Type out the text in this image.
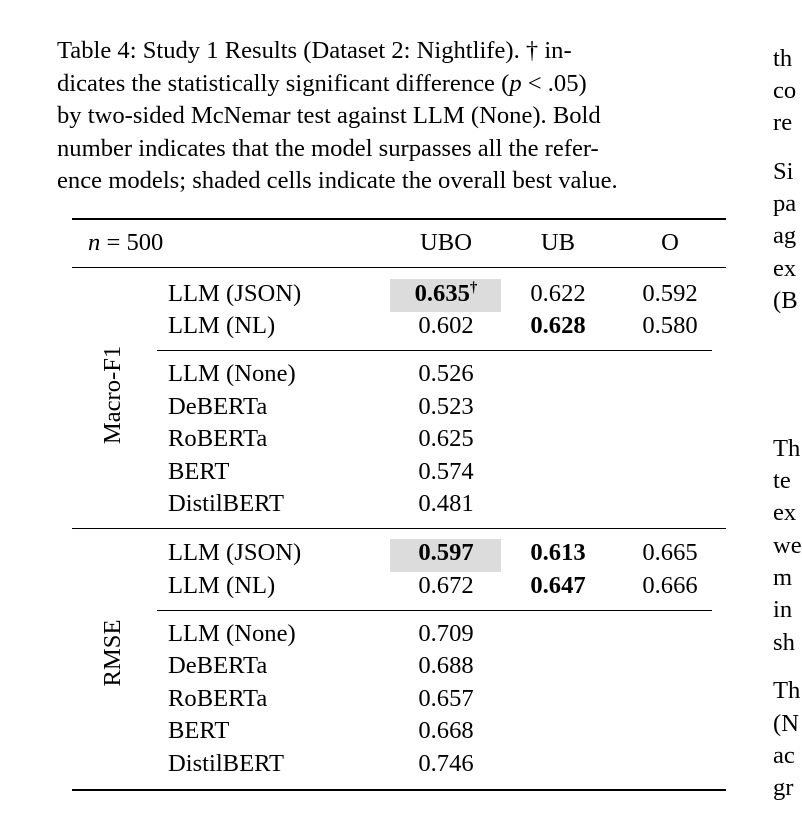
Table 4: Study 1 Results (Dataset 2: Nightlife). † in-
dicates the statistically significant difference (p < .05)
by two-sided McNemar test against LLM (None). Bold
number indicates that the model surpasses all the refer-
ence models; shaded cells indicate the overall best value.
n = 500	UBO	UB	O
Macro-F1
RMSE
LLM (JSON)	0.635†	0.622	0.592
LLM (NL)	0.602	0.628	0.580
LLM (None)	0.526
DeBERTa	0.523
RoBERTa	0.625
BERT	0.574
DistilBERT	0.481
LLM (JSON)	0.597	0.613	0.665
LLM (NL)	0.672	0.647	0.666
LLM (None)	0.709
DeBERTa	0.688
RoBERTa	0.657
BERT	0.668
DistilBERT	0.746
th
co
re
Si
pa
ag
ex
(B
Th
te
ex
we
m
in
sh
Th
(N
ac
gr
